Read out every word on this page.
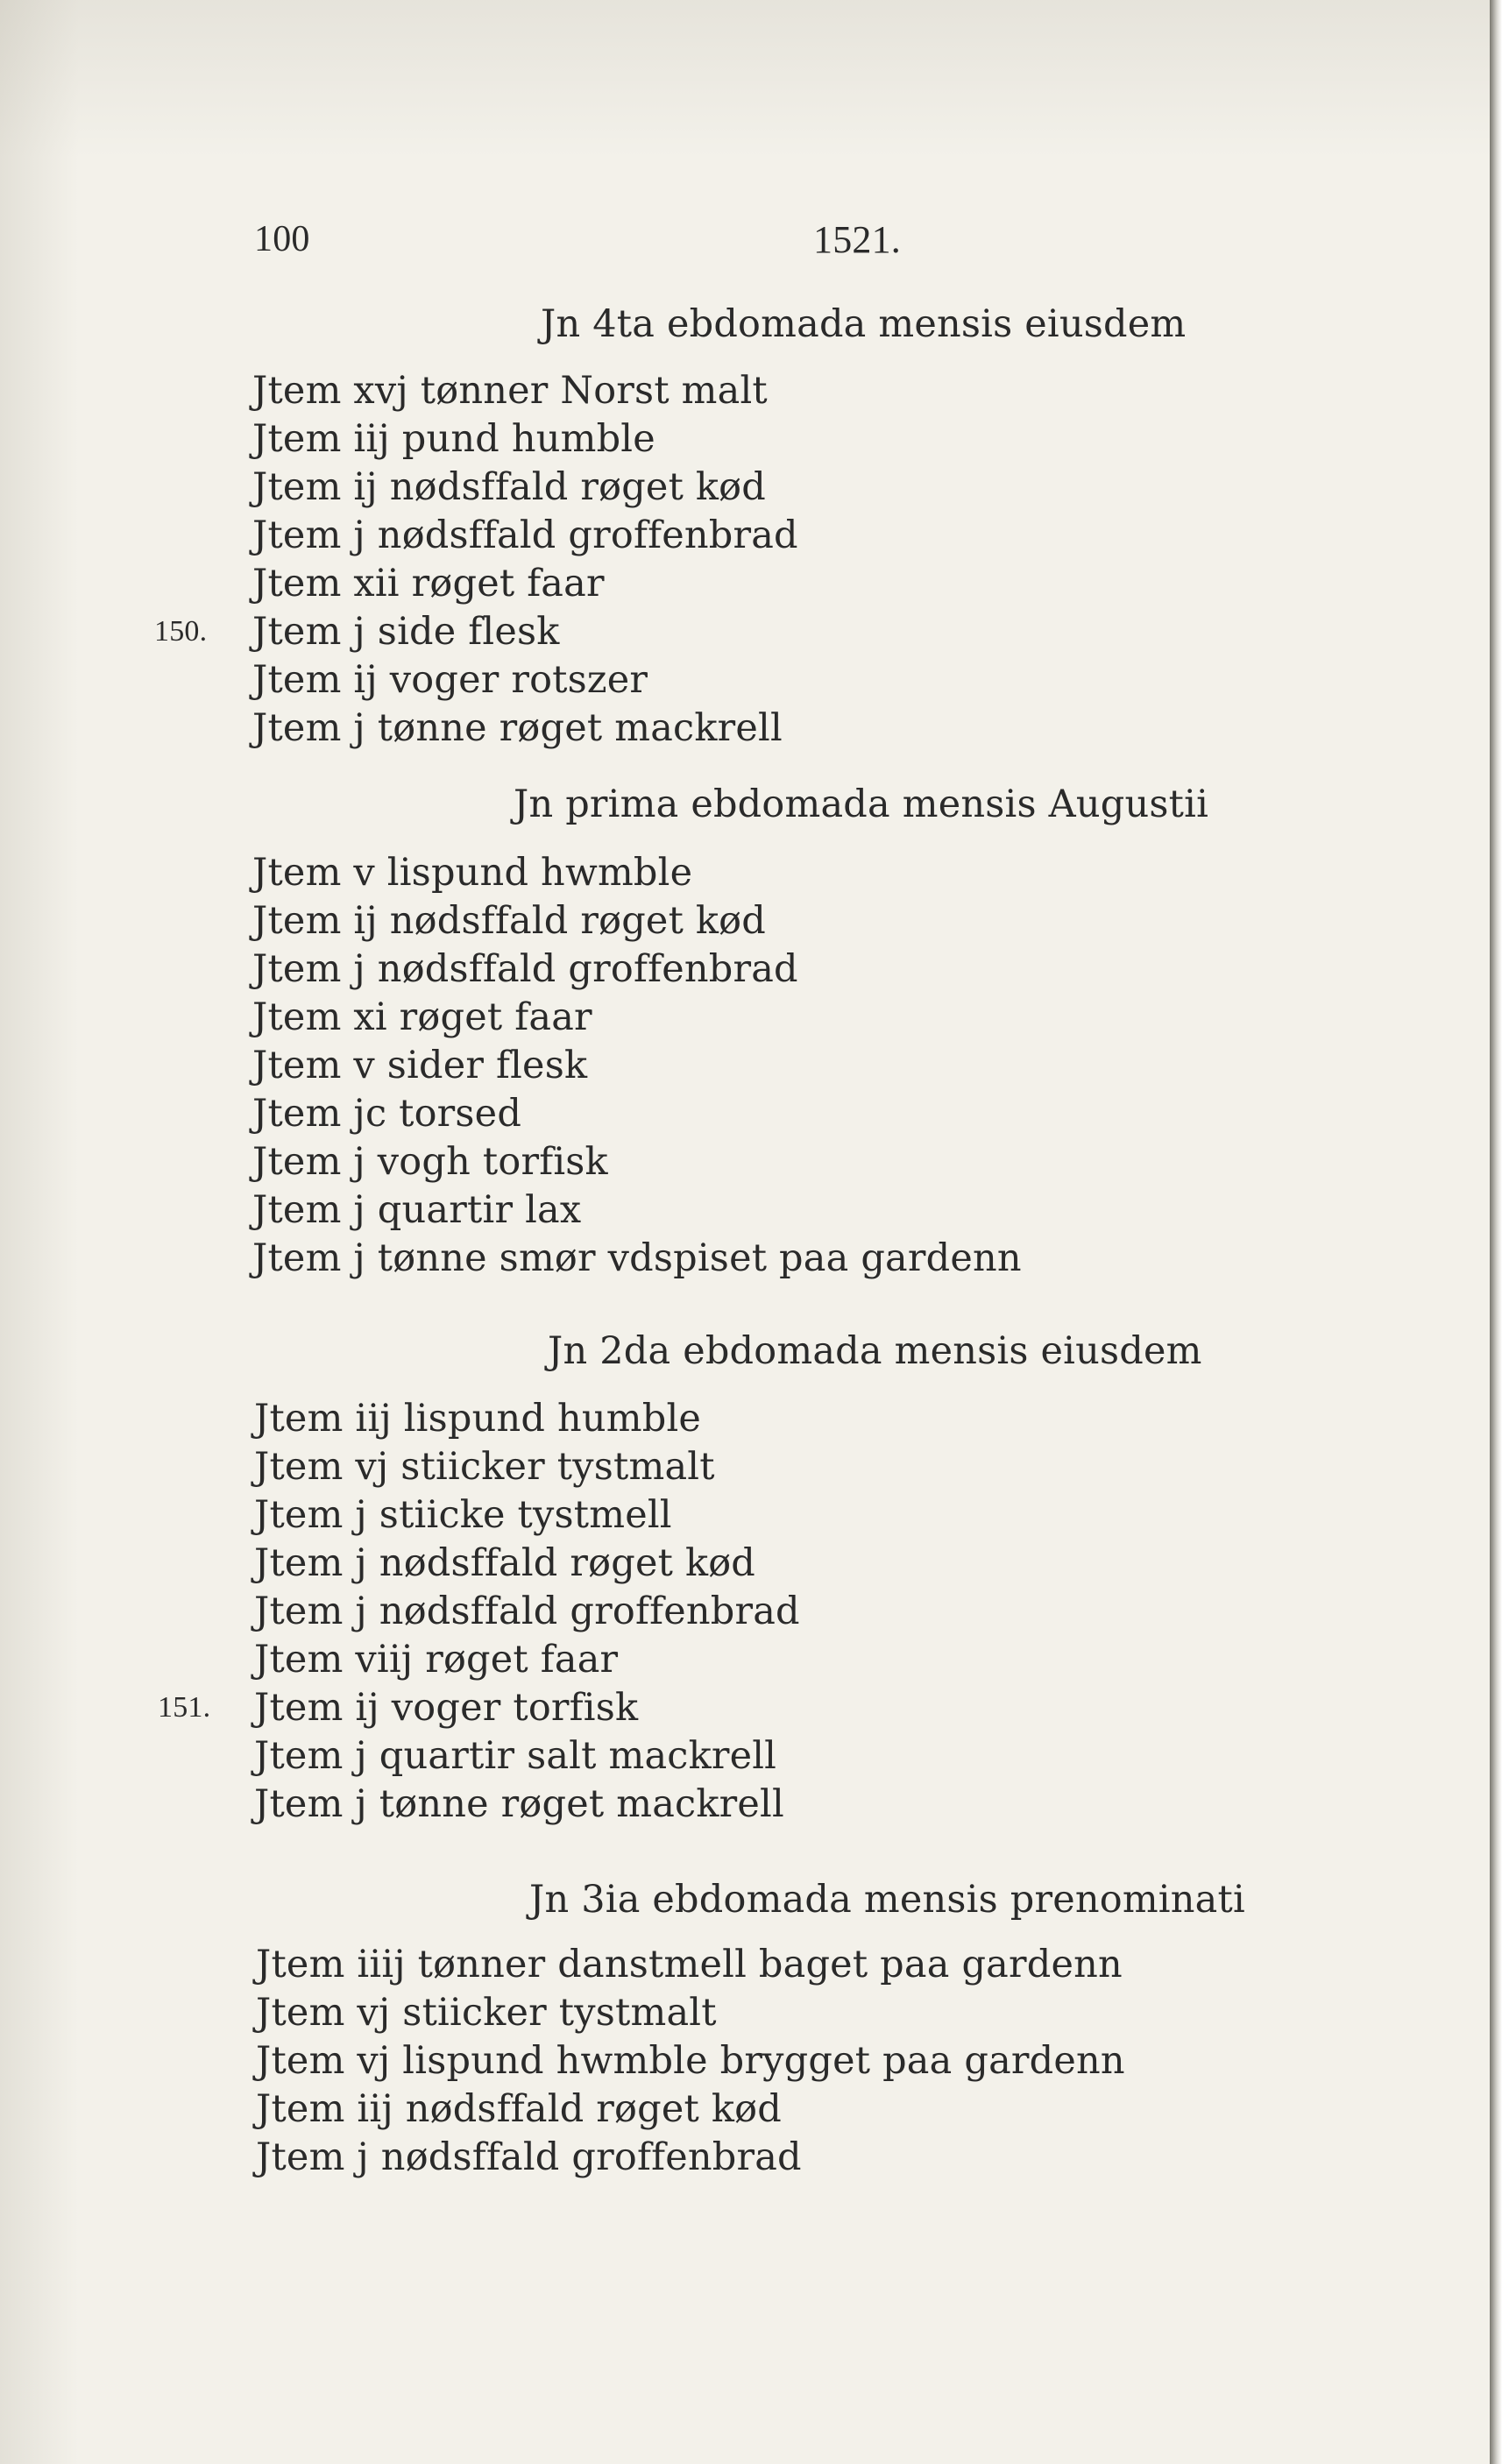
100	1521.
Jn 4ta ebdomada mensis eiusdem
Jtem xvj tønner Norst malt
Jtem iij pund humble
Jtem ij nødsffald røget kød
Jtem j nødsffald groffenbrad
Jtem xii røget faar
150. Jtem j side flesk
Jtem ij voger rotszer
Jtem j tønne røget mackrell
Jn prima ebdomada mensis Augustii
Jtem v lispund hwmble
Jtem ij nødsffald røget kød
Jtem j nødsffald groffenbrad
Jtem xi røget faar
Jtem v sider flesk
Jtem jc torsed
Jtem j vogh torfisk
Jtem j quartir lax
Jtem j tønne smør vdspiset paa gardenn
Jn 2da ebdomada mensis eiusdem
Jtem iij lispund humble
Jtem vj stiicker tystmalt
Jtem j stiicke tystmell
Jtem j nødsffald røget kød
Jtem j nødsffald groffenbrad
Jtem viij røget faar
151. Jtem ij voger torfisk
Jtem j quartir salt mackrell
Jtem j tønne røget mackrell
Jn 3ia ebdomada mensis prenominati
Jtem iiij tønner danstmell baget paa gardenn
Jtem vj stiicker tystmalt
Jtem vj lispund hwmble brygget paa gardenn
Jtem iij nødsffald røget kød
Jtem j nødsffald groffenbrad
